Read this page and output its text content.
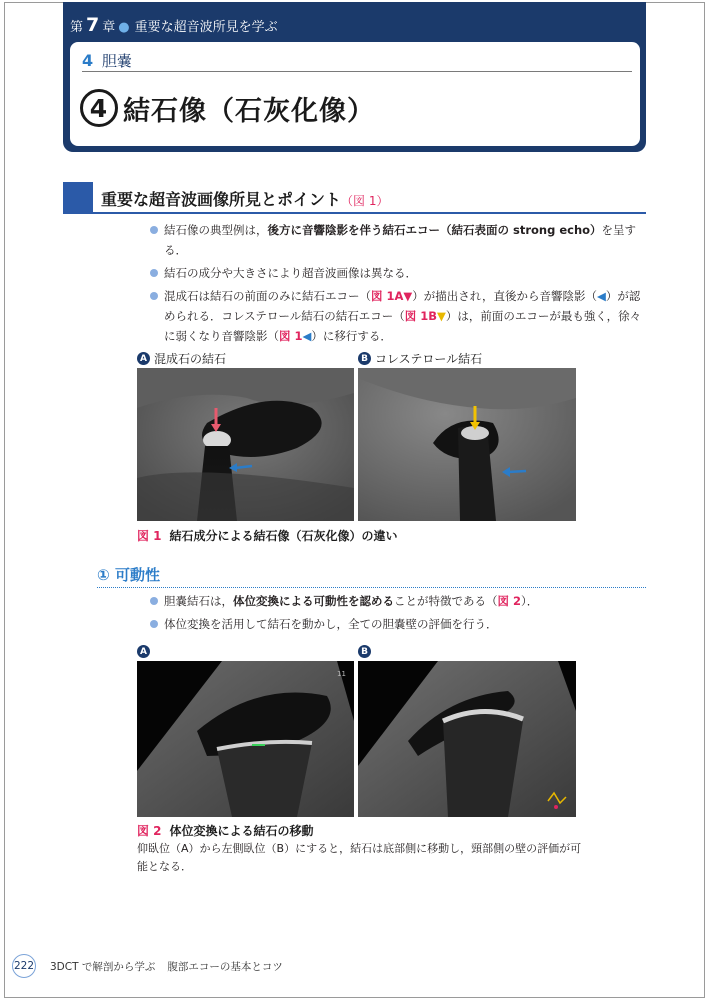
第 7 章 ● 重要な超音波所見を学ぶ
4 胆嚢
4 結石像（石灰化像）
重要な超音波画像所見とポイント（図 1）
結石像の典型例は，後方に音響陰影を伴う結石エコー（結石表面の strong echo）を呈する．
結石の成分や大きさにより超音波画像は異なる．
混成石は結石の前面のみに結石エコー（図 1A▼）が描出され，直後から音響陰影（◀）が認められる．コレステロール結石の結石エコー（図 1B▼）は，前面のエコーが最も強く，徐々に弱くなり音響陰影（図 1◀）に移行する．
A 混成石の結石	B コレステロール結石
図 1 結石成分による結石像（石灰化像）の違い
① 可動性
胆嚢結石は，体位変換による可動性を認めることが特徴である（図 2）．
体位変換を活用して結石を動かし，全ての胆嚢壁の評価を行う．
A	B
11
図 2 体位変換による結石の移動
仰臥位（A）から左側臥位（B）にすると，結石は底部側に移動し，頸部側の壁の評価が可能となる．
222 3DCT で解剖から学ぶ 腹部エコーの基本とコツ
